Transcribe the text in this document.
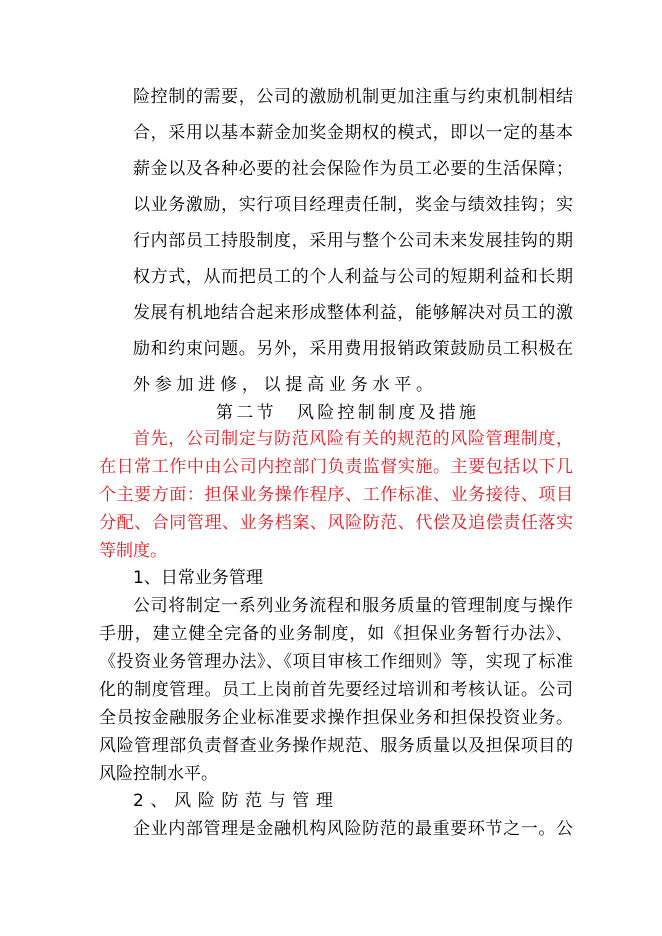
险控制的需要，公司的激励机制更加注重与约束机制相结
合，采用以基本薪金加奖金期权的模式，即以一定的基本
薪金以及各种必要的社会保险作为员工必要的生活保障；
以业务激励，实行项目经理责任制，奖金与绩效挂钩；实
行内部员工持股制度，采用与整个公司未来发展挂钩的期
权方式，从而把员工的个人利益与公司的短期利益和长期
发展有机地结合起来形成整体利益，能够解决对员工的激
励和约束问题。另外，采用费用报销政策鼓励员工积极在
外参加进修，以提高业务水平。
第二节　风险控制制度及措施
首先，公司制定与防范风险有关的规范的风险管理制度，
在日常工作中由公司内控部门负责监督实施。主要包括以下几
个主要方面：担保业务操作程序、工作标准、业务接待、项目
分配、合同管理、业务档案、风险防范、代偿及追偿责任落实
等制度。
1、日常业务管理
公司将制定一系列业务流程和服务质量的管理制度与操作
手册，建立健全完备的业务制度，如《担保业务暂行办法》、
《投资业务管理办法》、《项目审核工作细则》等，实现了标准
化的制度管理。员工上岗前首先要经过培训和考核认证。公司
全员按金融服务企业标准要求操作担保业务和担保投资业务。
风险管理部负责督查业务操作规范、服务质量以及担保项目的
风险控制水平。
2、风险防范与管理
企业内部管理是金融机构风险防范的最重要环节之一。公
